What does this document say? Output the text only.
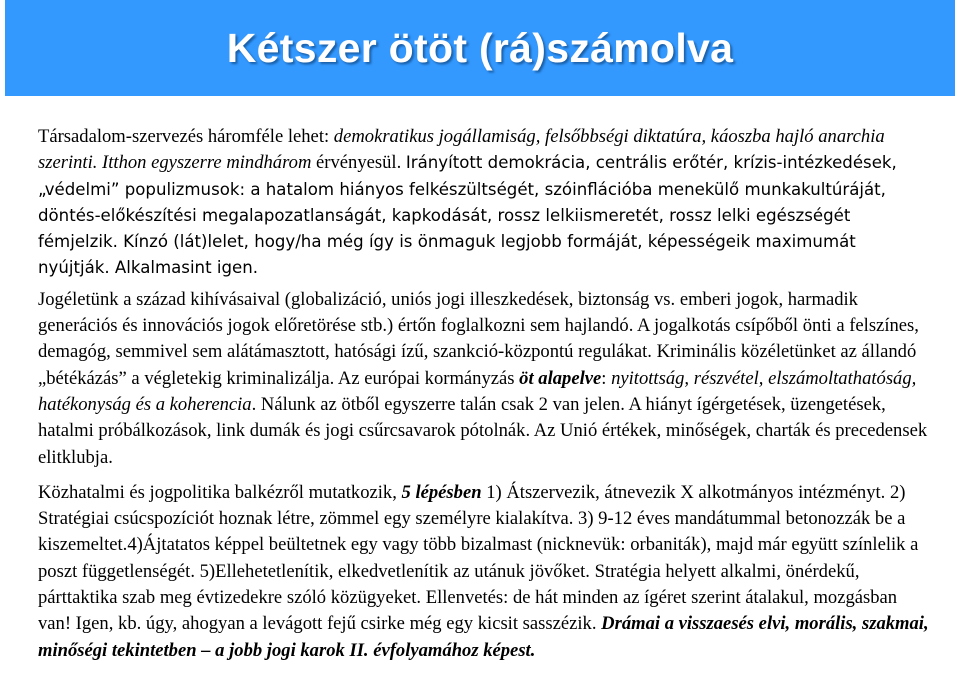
Kétszer ötöt (rá)számolva

Társadalom-szervezés háromféle lehet: demokratikus jogállamiság, felsőbbségi diktatúra, káoszba hajló anarchia szerinti. Itthon egyszerre mindhárom érvényesül. Irányított demokrácia, centrális erőtér, krízis-intézkedések, „védelmi” populizmusok: a hatalom hiányos felkészültségét, szóinflációba menekülő munkakultúráját, döntés-előkészítési megalapozatlanságát, kapkodását, rossz lelkiismeretét, rossz lelki egészségét fémjelzik. Kínzó (lát)lelet, hogy/ha még így is önmaguk legjobb formáját, képességeik maximumát nyújtják. Alkalmasint igen.

Jogéletünk a század kihívásaival (globalizáció, uniós jogi illeszkedések, biztonság vs. emberi jogok, harmadik generációs és innovációs jogok előretörése stb.) értőn foglalkozni sem hajlandó. A jogalkotás csípőből önti a felszínes, demagóg, semmivel sem alátámasztott, hatósági ízű, szankció-központú regulákat. Kriminális közéletünket az állandó „bétékázás” a végletekig kriminalizálja. Az európai kormányzás öt alapelve: nyitottság, részvétel, elszámoltathatóság, hatékonyság és a koherencia. Nálunk az ötből egyszerre talán csak 2 van jelen. A hiányt ígérgetések, üzengetések, hatalmi próbálkozások, link dumák és jogi csűrcsavarok pótolnák. Az Unió értékek, minőségek, charták és precedensek elitklubja.

Közhatalmi és jogpolitika balkézről mutatkozik, 5 lépésben 1) Átszervezik, átnevezik X alkotmányos intézményt. 2) Stratégiai csúcspozíciót hoznak létre, zömmel egy személyre kialakítva. 3) 9-12 éves mandátummal betonozzák be a kiszemeltet.4)Ájtatatos képpel beültetnek egy vagy több bizalmast (nicknevük: orbaniták), majd már együtt színlelik a poszt függetlenségét. 5)Ellehetetlenítik, elkedvetlenítik az utánuk jövőket. Stratégia helyett alkalmi, önérdekű, párttaktika szab meg évtizedekre szóló közügyeket. Ellenvetés: de hát minden az ígéret szerint átalakul, mozgásban van! Igen, kb. úgy, ahogyan a levágott fejű csirke még egy kicsit sasszézik. Drámai a visszaesés elvi, morális, szakmai, minőségi tekintetben – a jobb jogi karok II. évfolyamához képest.
